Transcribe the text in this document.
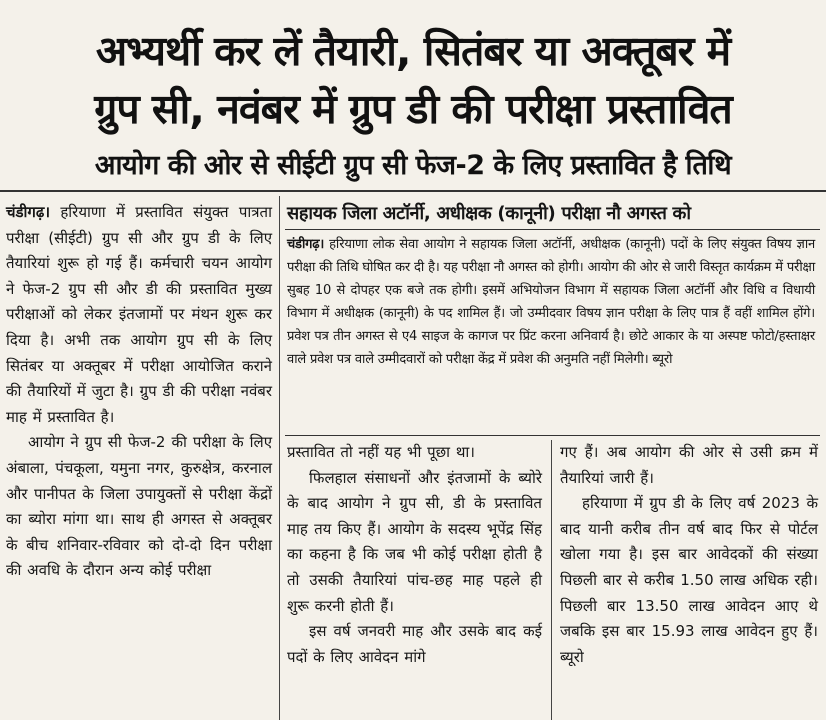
अभ्यर्थी कर लें तैयारी, सितंबर या अक्तूबर में
ग्रुप सी, नवंबर में ग्रुप डी की परीक्षा प्रस्तावित
आयोग की ओर से सीईटी ग्रुप सी फेज-2 के लिए प्रस्तावित है तिथि

चंडीगढ़। हरियाणा में प्रस्तावित संयुक्त पात्रता परीक्षा (सीईटी) ग्रुप सी और ग्रुप डी के लिए तैयारियां शुरू हो गई हैं। कर्मचारी चयन आयोग ने फेज-2 ग्रुप सी और डी की प्रस्तावित मुख्य परीक्षाओं को लेकर इंतजामों पर मंथन शुरू कर दिया है। अभी तक आयोग ग्रुप सी के लिए सितंबर या अक्तूबर में परीक्षा आयोजित कराने की तैयारियों में जुटा है। ग्रुप डी की परीक्षा नवंबर माह में प्रस्तावित है।

आयोग ने ग्रुप सी फेज-2 की परीक्षा के लिए अंबाला, पंचकूला, यमुना नगर, कुरुक्षेत्र, करनाल और पानीपत के जिला उपायुक्तों से परीक्षा केंद्रों का ब्योरा मांगा था। साथ ही अगस्त से अक्तूबर के बीच शनिवार-रविवार को दो-दो दिन परीक्षा की अवधि के दौरान अन्य कोई परीक्षा

सहायक जिला अटॉर्नी, अधीक्षक (कानूनी) परीक्षा नौ अगस्त को
चंडीगढ़। हरियाणा लोक सेवा आयोग ने सहायक जिला अटॉर्नी, अधीक्षक (कानूनी) पदों के लिए संयुक्त विषय ज्ञान परीक्षा की तिथि घोषित कर दी है। यह परीक्षा नौ अगस्त को होगी। आयोग की ओर से जारी विस्तृत कार्यक्रम में परीक्षा सुबह 10 से दोपहर एक बजे तक होगी। इसमें अभियोजन विभाग में सहायक जिला अटॉर्नी और विधि व विधायी विभाग में अधीक्षक (कानूनी) के पद शामिल हैं। जो उम्मीदवार विषय ज्ञान परीक्षा के लिए पात्र हैं वहीं शामिल होंगे। प्रवेश पत्र तीन अगस्त से ए4 साइज के कागज पर प्रिंट करना अनिवार्य है। छोटे आकार के या अस्पष्ट फोटो/हस्ताक्षर वाले प्रवेश पत्र वाले उम्मीदवारों को परीक्षा केंद्र में प्रवेश की अनुमति नहीं मिलेगी। ब्यूरो

प्रस्तावित तो नहीं यह भी पूछा था।

फिलहाल संसाधनों और इंतजामों के ब्योरे के बाद आयोग ने ग्रुप सी, डी के प्रस्तावित माह तय किए हैं। आयोग के सदस्य भूपेंद्र सिंह का कहना है कि जब भी कोई परीक्षा होती है तो उसकी तैयारियां पांच-छह माह पहले ही शुरू करनी होती हैं।

इस वर्ष जनवरी माह और उसके बाद कई पदों के लिए आवेदन मांगे

गए हैं। अब आयोग की ओर से उसी क्रम में तैयारियां जारी हैं।

हरियाणा में ग्रुप डी के लिए वर्ष 2023 के बाद यानी करीब तीन वर्ष बाद फिर से पोर्टल खोला गया है। इस बार आवेदकों की संख्या पिछली बार से करीब 1.50 लाख अधिक रही। पिछली बार 13.50 लाख आवेदन आए थे जबकि इस बार 15.93 लाख आवेदन हुए हैं। ब्यूरो
